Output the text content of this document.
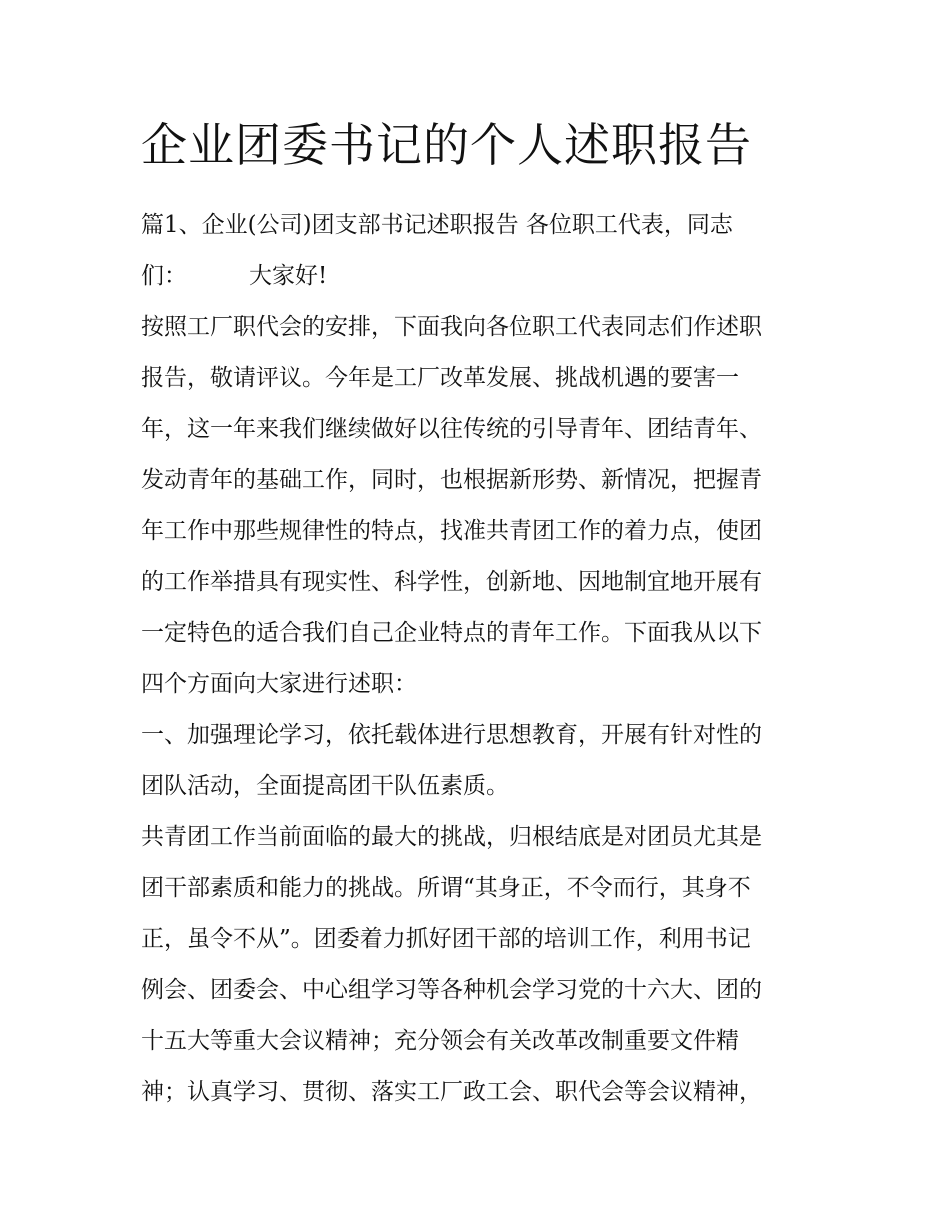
企业团委书记的个人述职报告
篇1、企业(公司)团支部书记述职报告 各位职工代表，同志
们：	大家好!
按照工厂职代会的安排，下面我向各位职工代表同志们作述职
报告，敬请评议。今年是工厂改革发展、挑战机遇的要害一
年，这一年来我们继续做好以往传统的引导青年、团结青年、
发动青年的基础工作，同时，也根据新形势、新情况，把握青
年工作中那些规律性的特点，找准共青团工作的着力点，使团
的工作举措具有现实性、科学性，创新地、因地制宜地开展有
一定特色的适合我们自己企业特点的青年工作。下面我从以下
四个方面向大家进行述职：
一、加强理论学习，依托载体进行思想教育，开展有针对性的
团队活动，全面提高团干队伍素质。
共青团工作当前面临的最大的挑战，归根结底是对团员尤其是
团干部素质和能力的挑战。所谓“其身正，不令而行，其身不
正，虽令不从”。团委着力抓好团干部的培训工作，利用书记
例会、团委会、中心组学习等各种机会学习党的十六大、团的
十五大等重大会议精神；充分领会有关改革改制重要文件精
神；认真学习、贯彻、落实工厂政工会、职代会等会议精神，
